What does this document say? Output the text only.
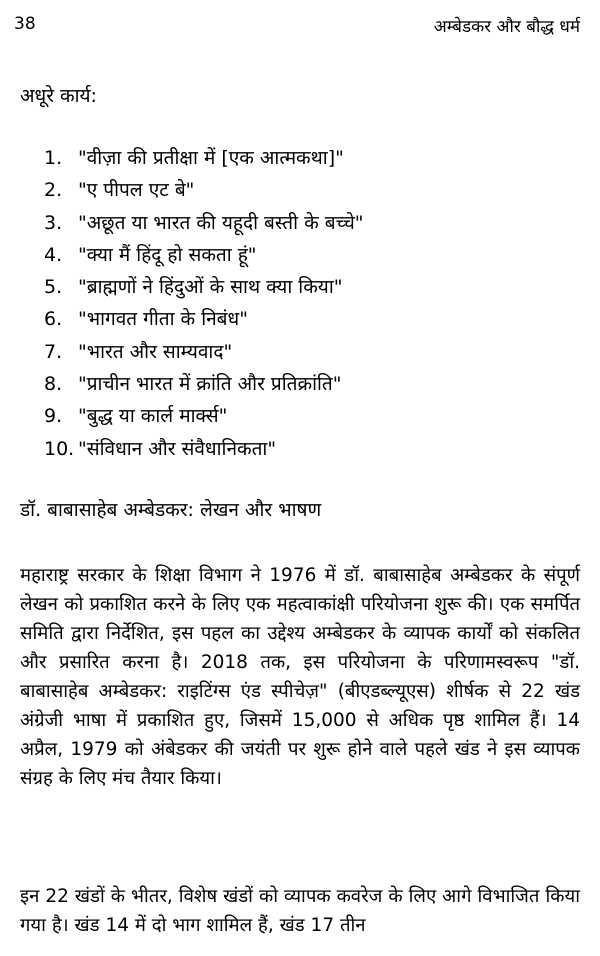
38	अम्बेडकर और बौद्ध धर्म
अधूरे कार्य:
1. "वीज़ा की प्रतीक्षा में [एक आत्मकथा]"
2. "ए पीपल एट बे"
3. "अछूत या भारत की यहूदी बस्ती के बच्चे"
4. "क्या मैं हिंदू हो सकता हूं"
5. "ब्राह्मणों ने हिंदुओं के साथ क्या किया"
6. "भागवत गीता के निबंध"
7. "भारत और साम्यवाद"
8. "प्राचीन भारत में क्रांति और प्रतिक्रांति"
9. "बुद्ध या कार्ल मार्क्स"
10. "संविधान और संवैधानिकता"
डॉ. बाबासाहेब अम्बेडकर: लेखन और भाषण

महाराष्ट्र सरकार के शिक्षा विभाग ने 1976 में डॉ. बाबासाहेब अम्बेडकर के संपूर्ण लेखन को प्रकाशित करने के लिए एक महत्वाकांक्षी परियोजना शुरू की। एक समर्पित समिति द्वारा निर्देशित, इस पहल का उद्देश्य अम्बेडकर के व्यापक कार्यों को संकलित और प्रसारित करना है। 2018 तक, इस परियोजना के परिणामस्वरूप "डॉ. बाबासाहेब अम्बेडकर: राइटिंग्स एंड स्पीचेज़" (बीएडब्ल्यूएस) शीर्षक से 22 खंड अंग्रेजी भाषा में प्रकाशित हुए, जिसमें 15,000 से अधिक पृष्ठ शामिल हैं। 14 अप्रैल, 1979 को अंबेडकर की जयंती पर शुरू होने वाले पहले खंड ने इस व्यापक संग्रह के लिए मंच तैयार किया।

इन 22 खंडों के भीतर, विशेष खंडों को व्यापक कवरेज के लिए आगे विभाजित किया गया है। खंड 14 में दो भाग शामिल हैं, खंड 17 तीन
